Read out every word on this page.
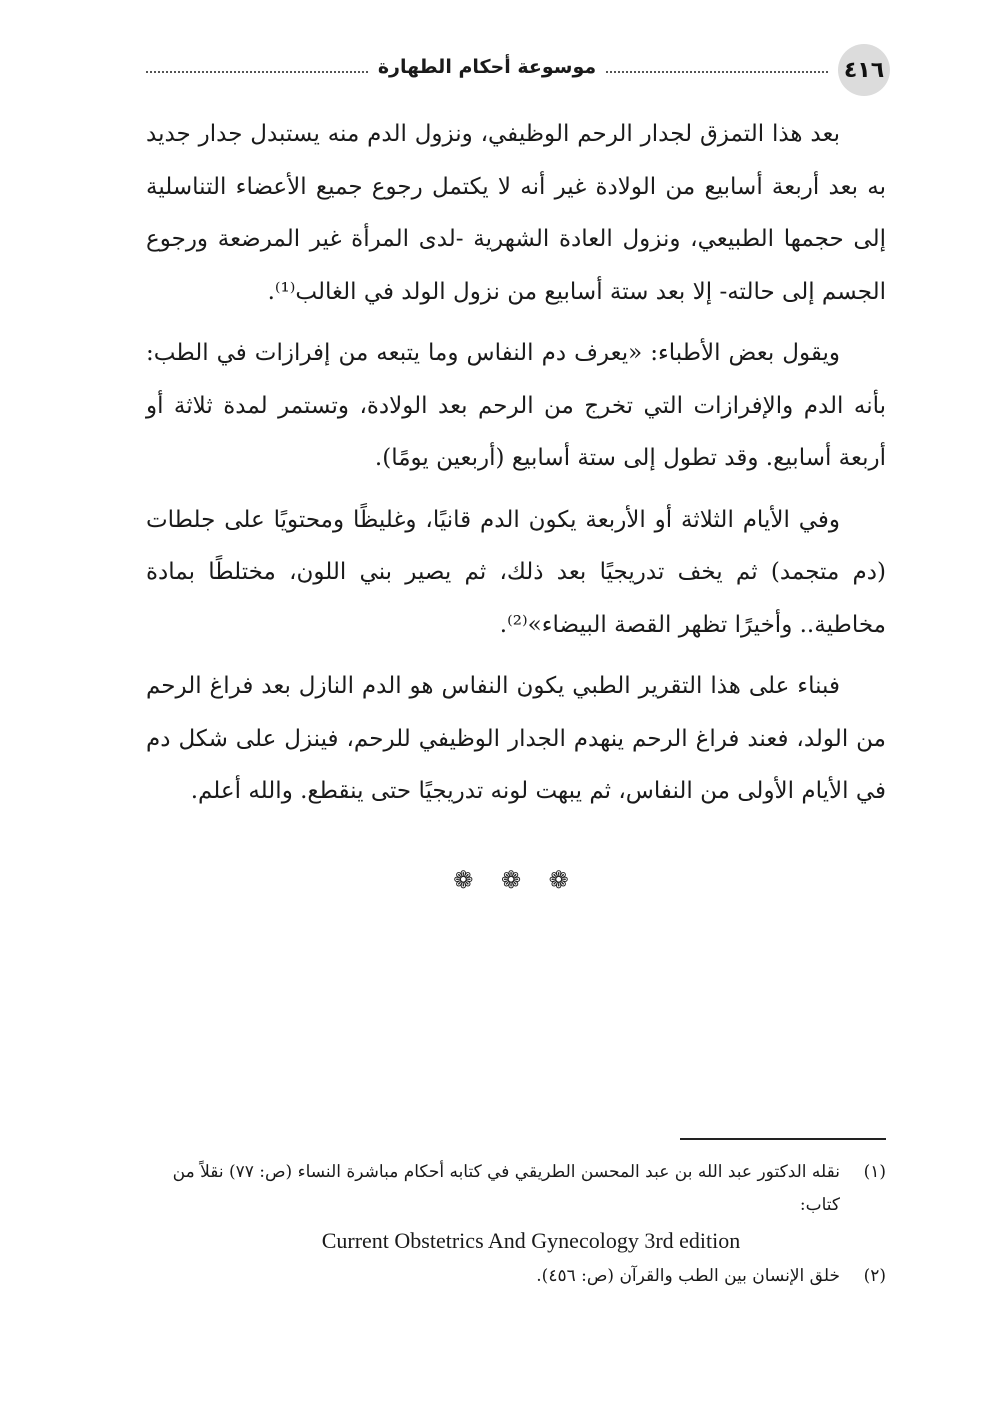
٤١٦
موسوعة أحكام الطهارة

بعد هذا التمزق لجدار الرحم الوظيفي، ونزول الدم منه يستبدل جدار جديد به بعد أربعة أسابيع من الولادة غير أنه لا يكتمل رجوع جميع الأعضاء التناسلية إلى حجمها الطبيعي، ونزول العادة الشهرية -لدى المرأة غير المرضعة ورجوع الجسم إلى حالته- إلا بعد ستة أسابيع من نزول الولد في الغالب⁽¹⁾.

ويقول بعض الأطباء: «يعرف دم النفاس وما يتبعه من إفرازات في الطب: بأنه الدم والإفرازات التي تخرج من الرحم بعد الولادة، وتستمر لمدة ثلاثة أو أربعة أسابيع. وقد تطول إلى ستة أسابيع (أربعين يومًا).

وفي الأيام الثلاثة أو الأربعة يكون الدم قانيًا، وغليظًا ومحتويًا على جلطات (دم متجمد) ثم يخف تدريجيًا بعد ذلك، ثم يصير بني اللون، مختلطًا بمادة مخاطية.. وأخيرًا تظهر القصة البيضاء»⁽²⁾.

فبناء على هذا التقرير الطبي يكون النفاس هو الدم النازل بعد فراغ الرحم من الولد، فعند فراغ الرحم ينهدم الجدار الوظيفي للرحم، فينزل على شكل دم في الأيام الأولى من النفاس، ثم يبهت لونه تدريجيًا حتى ينقطع. والله أعلم.

❁ ❁ ❁
(١)
نقله الدكتور عبد الله بن عبد المحسن الطريقي في كتابه أحكام مباشرة النساء (ص: ٧٧) نقلاً من كتاب:
Current Obstetrics And Gynecology 3rd edition
(٢)
خلق الإنسان بين الطب والقرآن (ص: ٤٥٦).
